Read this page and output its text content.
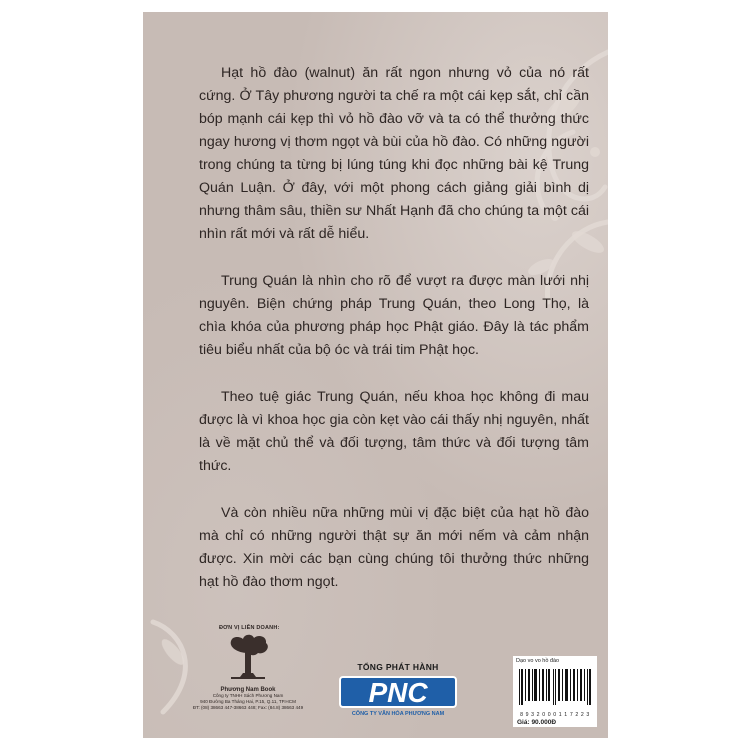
Hạt hồ đào (walnut) ăn rất ngon nhưng vỏ của nó rất cứng. Ở Tây phương người ta chế ra một cái kẹp sắt, chỉ cần bóp mạnh cái kẹp thì vỏ hồ đào vỡ và ta có thể thưởng thức ngay hương vị thơm ngọt và bùi của hồ đào. Có những người trong chúng ta từng bị lúng túng khi đọc những bài kệ Trung Quán Luận. Ở đây, với một phong cách giảng giải bình dị nhưng thâm sâu, thiền sư Nhất Hạnh đã cho chúng ta một cái nhìn rất mới và rất dễ hiểu.

Trung Quán là nhìn cho rõ để vượt ra được màn lưới nhị nguyên. Biện chứng pháp Trung Quán, theo Long Thọ, là chìa khóa của phương pháp học Phật giáo. Đây là tác phẩm tiêu biểu nhất của bộ óc và trái tim Phật học.

Theo tuệ giác Trung Quán, nếu khoa học không đi mau được là vì khoa học gia còn kẹt vào cái thấy nhị nguyên, nhất là về mặt chủ thể và đối tượng, tâm thức và đối tượng tâm thức.

Và còn nhiều nữa những mùi vị đặc biệt của hạt hồ đào mà chỉ có những người thật sự ăn mới nếm và cảm nhận được. Xin mời các bạn cùng chúng tôi thưởng thức những hạt hồ đào thơm ngọt.

ĐƠN VỊ LIÊN DOANH:
Phương Nam Book
Công ty TNHH Sách Phương Nam
940 Đường Ba Tháng Hai, P.15, Q.11, TP.HCM
ĐT: (08) 38663 447-38663 448; Fax: (84.8) 38663 449
TỔNG PHÁT HÀNH
PNC
CÔNG TY VĂN HÓA PHƯƠNG NAM
Dạo vo vo hồ đào
8 9 3 2 0 0 0 1 1 7 2 2 3
Giá: 90.000Đ
